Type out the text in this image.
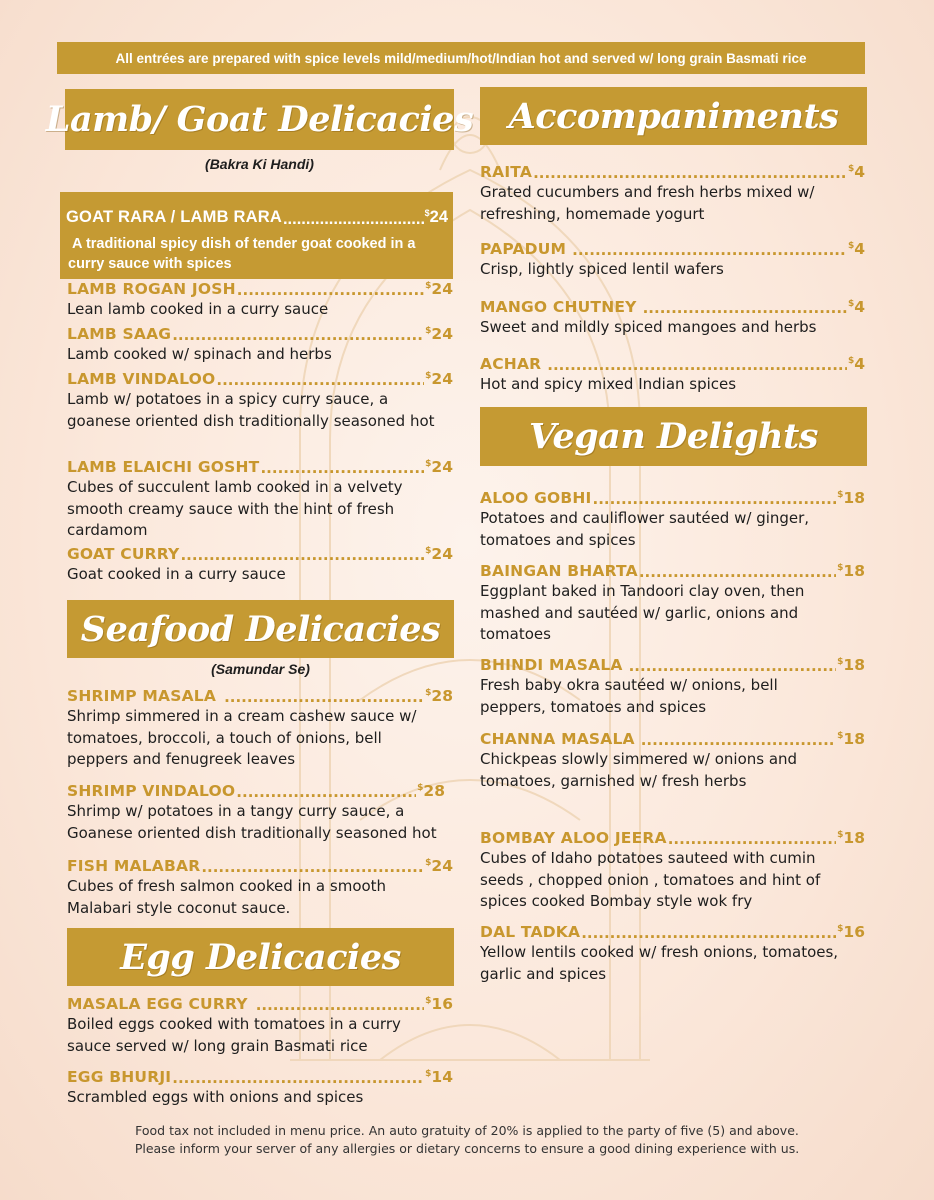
All entrées are prepared with spice levels mild/medium/hot/Indian hot and served w/ long grain Basmati rice
Lamb/ Goat Delicacies
(Bakra Ki Handi)
GOAT RARA / LAMB RARA .....	$24
A traditional spicy dish of tender goat cooked in a curry sauce with spices
LAMB ROGAN JOSH .....	$24
Lean lamb cooked in a curry sauce
LAMB SAAG .....	$24
Lamb cooked w/ spinach and herbs
LAMB VINDALOO .....	$24
Lamb w/ potatoes in a spicy curry sauce, a goanese oriented dish traditionally seasoned hot
LAMB ELAICHI GOSHT .....	$24
Cubes of succulent lamb cooked in a velvety smooth creamy sauce with the hint of fresh cardamom
GOAT CURRY .....	$24
Goat cooked in a curry sauce
Seafood Delicacies
(Samundar Se)
SHRIMP MASALA .....	$28
Shrimp simmered in a cream cashew sauce w/ tomatoes, broccoli, a touch of onions, bell peppers and fenugreek leaves
SHRIMP VINDALOO .....	$28
Shrimp w/ potatoes in a tangy curry sauce, a Goanese oriented dish traditionally seasoned hot
FISH MALABAR .....	$24
Cubes of fresh salmon cooked in a smooth Malabari style coconut sauce.
Egg Delicacies
MASALA EGG CURRY .....	$16
Boiled eggs cooked with tomatoes in a curry sauce served w/ long grain Basmati rice
EGG BHURJI .....	$14
Scrambled eggs with onions and spices
Accompaniments
RAITA .....	$4
Grated cucumbers and fresh herbs mixed w/ refreshing, homemade yogurt
PAPADUM .....	$4
Crisp, lightly spiced lentil wafers
MANGO CHUTNEY .....	$4
Sweet and mildly spiced mangoes and herbs
ACHAR .....	$4
Hot and spicy mixed Indian spices
Vegan Delights
ALOO GOBHI .....	$18
Potatoes and cauliflower sautéed w/ ginger, tomatoes and spices
BAINGAN BHARTA .....	$18
Eggplant baked in Tandoori clay oven, then mashed and sautéed w/ garlic, onions and tomatoes
BHINDI MASALA .....	$18
Fresh baby okra sautéed w/ onions, bell peppers, tomatoes and spices
CHANNA MASALA .....	$18
Chickpeas slowly simmered w/ onions and tomatoes, garnished w/ fresh herbs
BOMBAY ALOO JEERA .....	$18
Cubes of Idaho potatoes sauteed with cumin seeds , chopped onion , tomatoes and hint of spices cooked Bombay style wok fry
DAL TADKA .....	$16
Yellow lentils cooked w/ fresh onions, tomatoes, garlic and spices
Food tax not included in menu price. An auto gratuity of 20% is applied to the party of five (5) and above.
Please inform your server of any allergies or dietary concerns to ensure a good dining experience with us.
